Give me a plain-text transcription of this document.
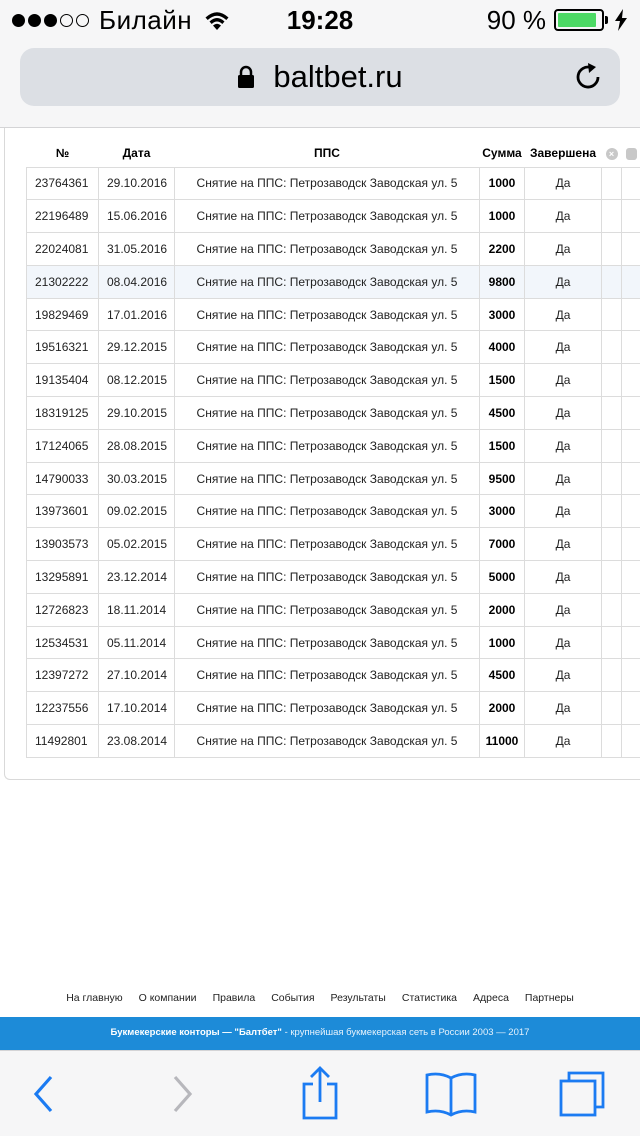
Билайн	19:28	90 %
baltbet.ru
№	Дата	ППС	Сумма	Завершена	×	
23764361	29.10.2016	Снятие на ППС: Петрозаводск Заводская ул. 5	1000	Да		
22196489	15.06.2016	Снятие на ППС: Петрозаводск Заводская ул. 5	1000	Да		
22024081	31.05.2016	Снятие на ППС: Петрозаводск Заводская ул. 5	2200	Да		
21302222	08.04.2016	Снятие на ППС: Петрозаводск Заводская ул. 5	9800	Да		
19829469	17.01.2016	Снятие на ППС: Петрозаводск Заводская ул. 5	3000	Да		
19516321	29.12.2015	Снятие на ППС: Петрозаводск Заводская ул. 5	4000	Да		
19135404	08.12.2015	Снятие на ППС: Петрозаводск Заводская ул. 5	1500	Да		
18319125	29.10.2015	Снятие на ППС: Петрозаводск Заводская ул. 5	4500	Да		
17124065	28.08.2015	Снятие на ППС: Петрозаводск Заводская ул. 5	1500	Да		
14790033	30.03.2015	Снятие на ППС: Петрозаводск Заводская ул. 5	9500	Да		
13973601	09.02.2015	Снятие на ППС: Петрозаводск Заводская ул. 5	3000	Да		
13903573	05.02.2015	Снятие на ППС: Петрозаводск Заводская ул. 5	7000	Да		
13295891	23.12.2014	Снятие на ППС: Петрозаводск Заводская ул. 5	5000	Да		
12726823	18.11.2014	Снятие на ППС: Петрозаводск Заводская ул. 5	2000	Да		
12534531	05.11.2014	Снятие на ППС: Петрозаводск Заводская ул. 5	1000	Да		
12397272	27.10.2014	Снятие на ППС: Петрозаводск Заводская ул. 5	4500	Да		
12237556	17.10.2014	Снятие на ППС: Петрозаводск Заводская ул. 5	2000	Да		
11492801	23.08.2014	Снятие на ППС: Петрозаводск Заводская ул. 5	11000	Да		
На главную О компании Правила События Результаты Статистика Адреса Партнеры
Букмекерские конторы — "Балтбет" - крупнейшая букмекерская сеть в России 2003 — 2017
